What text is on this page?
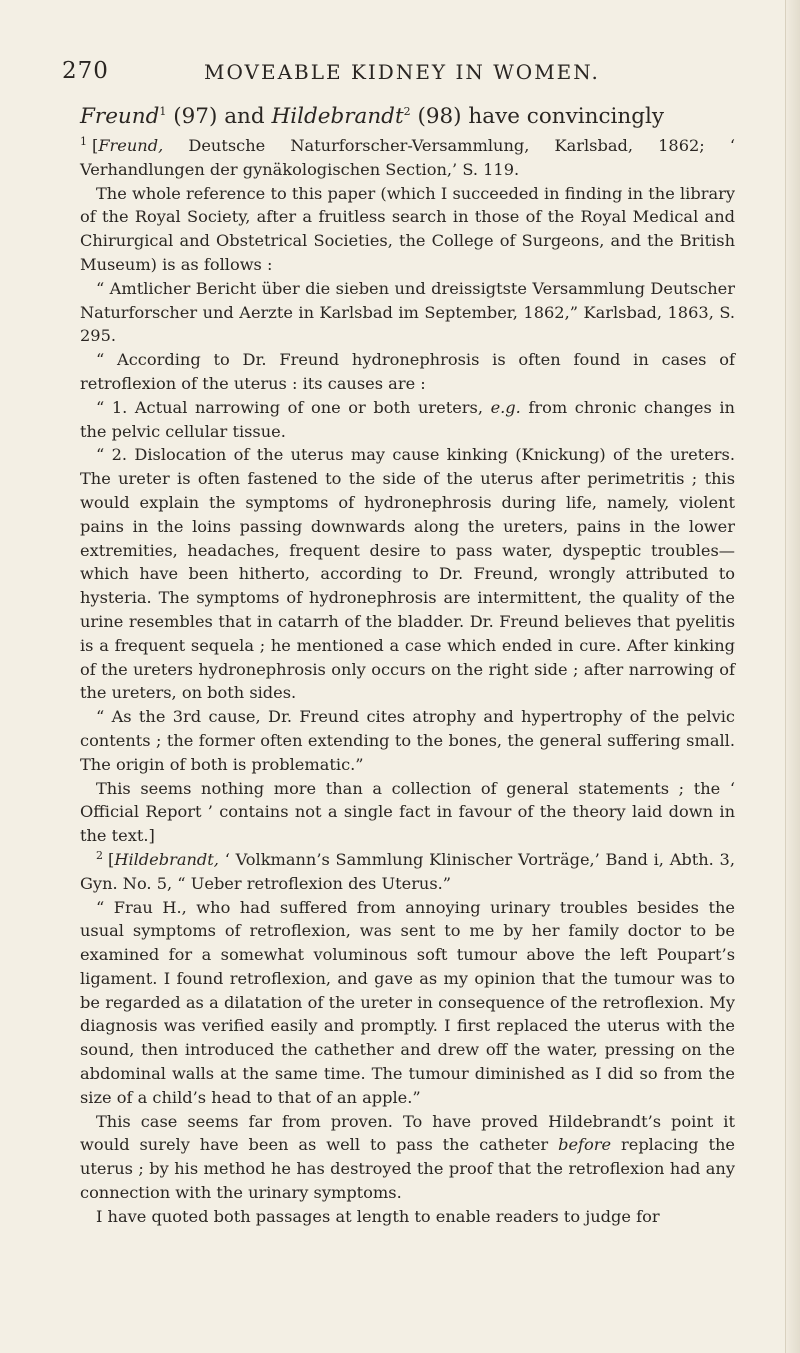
270	MOVEABLE KIDNEY IN WOMEN.

Freund$^1$ (97) and Hildebrandt$^2$ (98) have convincingly

$^1$ [Freund, Deutsche Naturforscher-Versammlung, Karlsbad, 1862; ‘ Verhandlungen der gynäkologischen Section,’ S. 119.

The whole reference to this paper (which I succeeded in finding in the library of the Royal Society, after a fruitless search in those of the Royal Medical and Chirurgical and Obstetrical Societies, the College of Surgeons, and the British Museum) is as follows :

“ Amtlicher Bericht über die sieben und dreissigtste Versammlung Deutscher Naturforscher und Aerzte in Karlsbad im September, 1862,” Karlsbad, 1863, S. 295.

“ According to Dr. Freund hydronephrosis is often found in cases of retroflexion of the uterus : its causes are :

“ 1. Actual narrowing of one or both ureters, e.g. from chronic changes in the pelvic cellular tissue.

“ 2. Dislocation of the uterus may cause kinking (Knickung) of the ureters. The ureter is often fastened to the side of the uterus after perimetritis ; this would explain the symptoms of hydronephrosis during life, namely, violent pains in the loins passing downwards along the ureters, pains in the lower extremities, headaches, frequent desire to pass water, dyspeptic troubles—which have been hitherto, according to Dr. Freund, wrongly attributed to hysteria. The symptoms of hydronephrosis are intermittent, the quality of the urine resembles that in catarrh of the bladder. Dr. Freund believes that pyelitis is a frequent sequela ; he mentioned a case which ended in cure. After kinking of the ureters hydronephrosis only occurs on the right side ; after narrowing of the ureters, on both sides.

“ As the 3rd cause, Dr. Freund cites atrophy and hypertrophy of the pelvic contents ; the former often extending to the bones, the general suffering small. The origin of both is problematic.”

This seems nothing more than a collection of general statements ; the ‘ Official Report ’ contains not a single fact in favour of the theory laid down in the text.]

$^2$ [Hildebrandt, ‘ Volkmann’s Sammlung Klinischer Vorträge,’ Band i, Abth. 3, Gyn. No. 5, “ Ueber retroflexion des Uterus.”

“ Frau H., who had suffered from annoying urinary troubles besides the usual symptoms of retroflexion, was sent to me by her family doctor to be examined for a somewhat voluminous soft tumour above the left Poupart’s ligament. I found retroflexion, and gave as my opinion that the tumour was to be regarded as a dilatation of the ureter in consequence of the retroflexion. My diagnosis was verified easily and promptly. I first replaced the uterus with the sound, then introduced the cathether and drew off the water, pressing on the abdominal walls at the same time. The tumour diminished as I did so from the size of a child’s head to that of an apple.”

This case seems far from proven. To have proved Hildebrandt’s point it would surely have been as well to pass the catheter before replacing the uterus ; by his method he has destroyed the proof that the retroflexion had any connection with the urinary symptoms.

I have quoted both passages at length to enable readers to judge for
